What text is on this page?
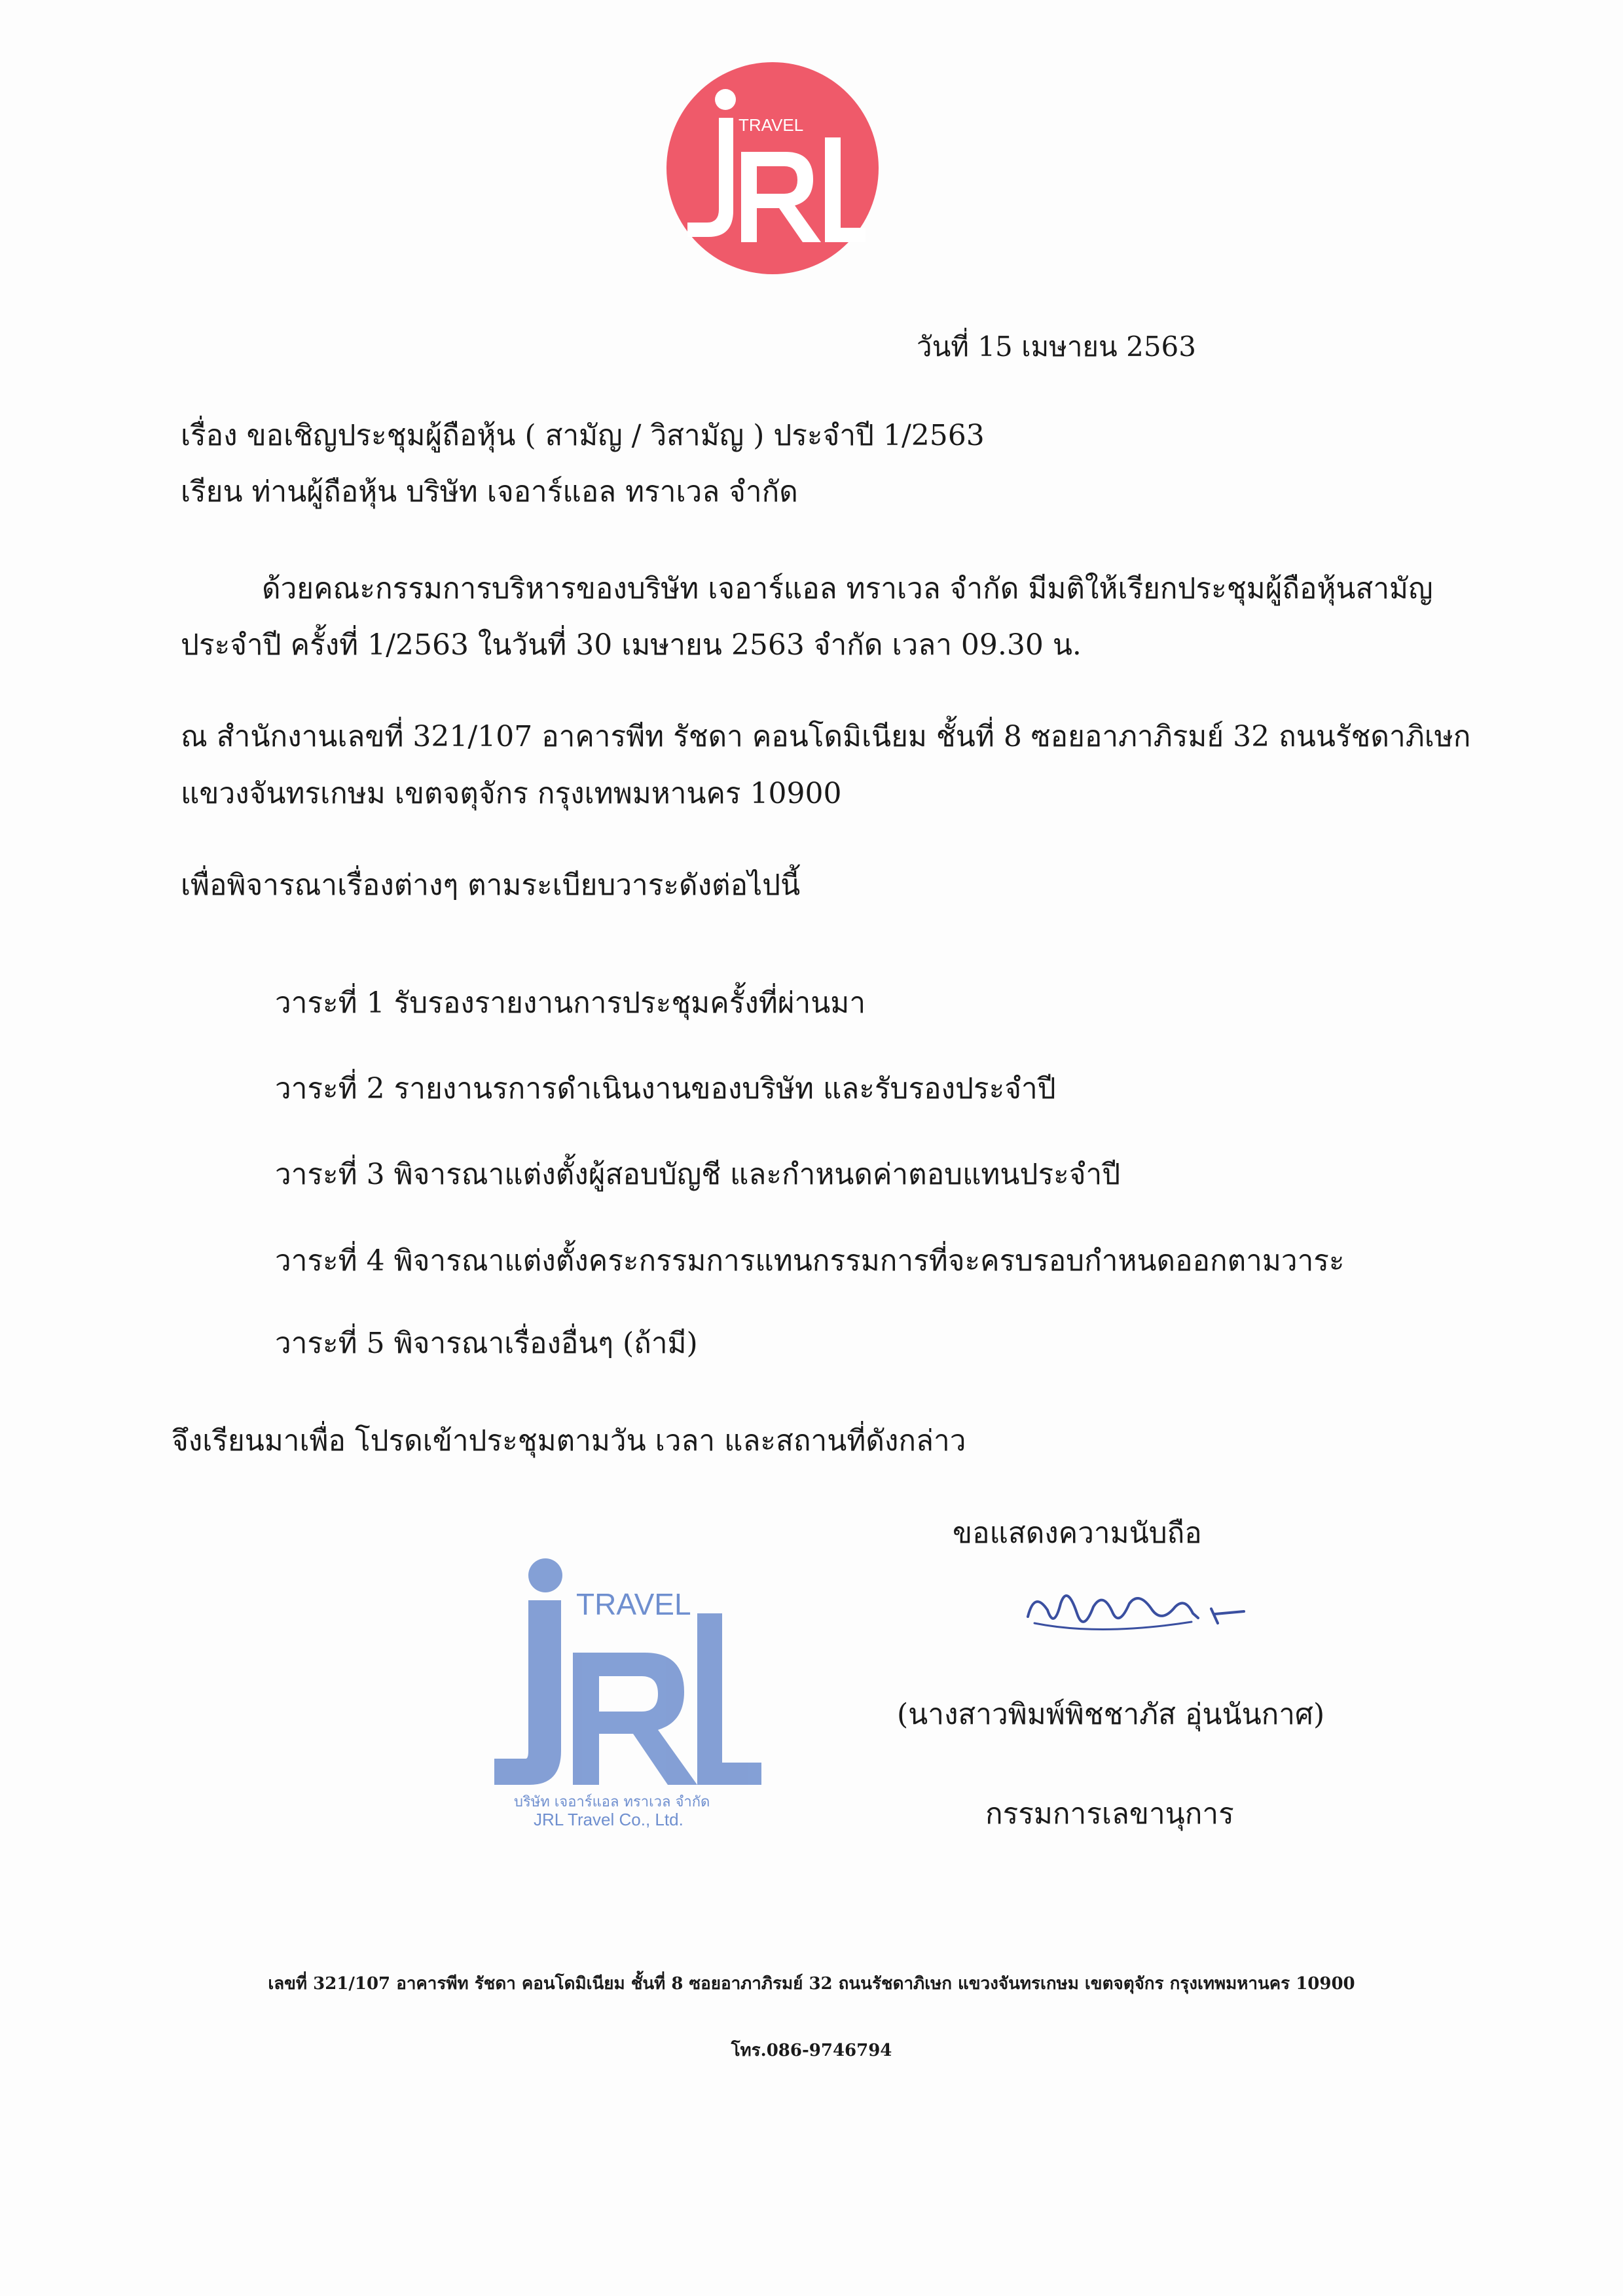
TRAVEL
วันที่ 15 เมษายน 2563
เรื่อง ขอเชิญประชุมผู้ถือหุ้น ( สามัญ / วิสามัญ ) ประจำปี 1/2563
เรียน ท่านผู้ถือหุ้น บริษัท เจอาร์แอล ทราเวล จำกัด
ด้วยคณะกรรมการบริหารของบริษัท เจอาร์แอล ทราเวล จำกัด มีมติให้เรียกประชุมผู้ถือหุ้นสามัญ
ประจำปี ครั้งที่ 1/2563 ในวันที่ 30 เมษายน 2563 จำกัด เวลา 09.30 น.
ณ สำนักงานเลขที่ 321/107 อาคารพีท รัชดา คอนโดมิเนียม ชั้นที่ 8 ซอยอาภาภิรมย์ 32 ถนนรัชดาภิเษก
แขวงจันทรเกษม เขตจตุจักร กรุงเทพมหานคร 10900
เพื่อพิจารณาเรื่องต่างๆ ตามระเบียบวาระดังต่อไปนี้
วาระที่ 1 รับรองรายงานการประชุมครั้งที่ผ่านมา
วาระที่ 2 รายงานรการดำเนินงานของบริษัท และรับรองประจำปี
วาระที่ 3 พิจารณาแต่งตั้งผู้สอบบัญชี และกำหนดค่าตอบแทนประจำปี
วาระที่ 4 พิจารณาแต่งตั้งคระกรรมการแทนกรรมการที่จะครบรอบกำหนดออกตามวาระ
วาระที่ 5 พิจารณาเรื่องอื่นๆ (ถ้ามี)
จึงเรียนมาเพื่อ โปรดเข้าประชุมตามวัน เวลา และสถานที่ดังกล่าว
ขอแสดงความนับถือ
(นางสาวพิมพ์พิชชาภัส อุ่นนันกาศ)
กรรมการเลขานุการ
TRAVEL
บริษัท เจอาร์แอล ทราเวล จำกัด
JRL Travel Co., Ltd.
เลขที่ 321/107 อาคารพีท รัชดา คอนโดมิเนียม ชั้นที่ 8 ซอยอาภาภิรมย์ 32 ถนนรัชดาภิเษก แขวงจันทรเกษม เขตจตุจักร กรุงเทพมหานคร 10900
โทร.086-9746794
